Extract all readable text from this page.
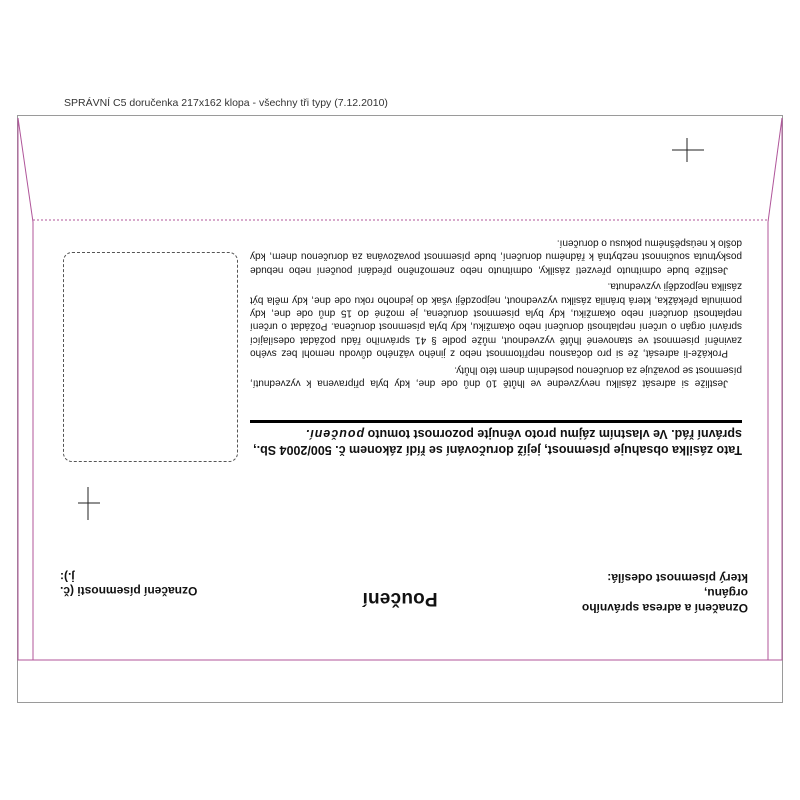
SPRÁVNÍ C5 doručenka 217x162 klopa - všechny tři typy (7.12.2010)

Jestliže si adresát zásilku nevyzvedne ve lhůtě 10 dnů ode dne, kdy byla připravena k vyzvednutí, písemnost se považuje za doručenou posledním dnem této lhůty.

Prokáže-li adresát, že si pro dočasnou nepřítomnost nebo z jiného vážného důvodu nemohl bez svého zavinění písemnost ve stanovené lhůtě vyzvednout, může podle § 41 správního řádu požádat odesílající správní orgán o určení neplatnosti doručení nebo okamžiku, kdy byla písemnost doručena. Požádat o určení neplatnosti doručení nebo okamžiku, kdy byla písemnost doručena, je možné do 15 dnů ode dne, kdy pominula překážka, která bránila zásilku vyzvednout, nejpozději však do jednoho roku ode dne, kdy měla být zásilka nejpozději vyzvednuta.

Jestliže bude odmítnuto převzetí zásilky, odmítnuto nebo znemožněno předání poučení nebo nebude poskytnuta součinnost nezbytná k řádnému doručení, bude písemnost považována za doručenou dnem, kdy došlo k neúspěšnému pokusu o doručení.

Tato zásilka obsahuje písemnost, jejíž doručování se řídí zákonem č. 500/2004 Sb., správní řád. Ve vlastním zájmu proto věnujte pozornost tomuto poučení.
Označení a adresa správního orgánu,
který písemnost odesílá:
Poučení
Označení písemnosti (č. j.):
